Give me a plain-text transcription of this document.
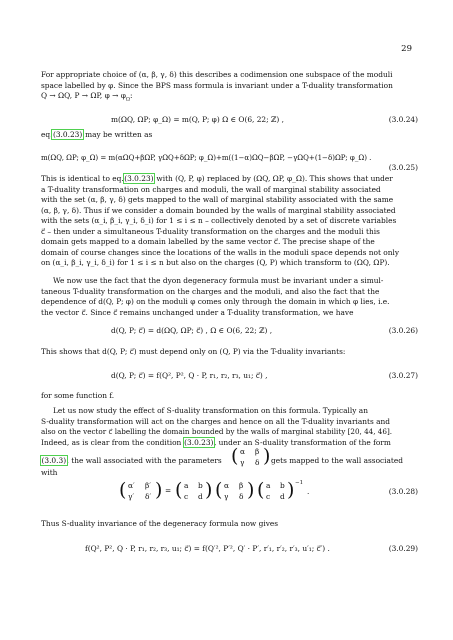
29
For appropriate choice of (α, β, γ, δ) this describes a codimension one subspace of the moduli
space labelled by φ. Since the BPS mass formula is invariant under a T-duality transformation
Q → ΩQ, P → ΩP, $\varphi \to \varphi_\Omega$:
m(ΩQ, ΩP; φ_Ω) = m(Q, P; φ) Ω ∈ O(6, 22; ℤ) ,	(3.0.24)
eq.(3.0.23) may be written as
m(ΩQ, ΩP; φ_Ω) = m(αΩQ+βΩP, γΩQ+δΩP; φ_Ω)+m((1−α)ΩQ−βΩP, −γΩQ+(1−δ)ΩP; φ_Ω) .
(3.0.25)
This is identical to eq.(3.0.23) with (Q, P, φ) replaced by (ΩQ, ΩP, φ_Ω). This shows that under
a T-duality transformation on charges and moduli, the wall of marginal stability associated
with the set (α, β, γ, δ) gets mapped to the wall of marginal stability associated with the same
(α, β, γ, δ). Thus if we consider a domain bounded by the walls of marginal stability associated
with the sets (α_i, β_i, γ_i, δ_i) for 1 ≤ i ≤ n – collectively denoted by a set of discrete variables
c⃗ – then under a simultaneous T-duality transformation on the charges and the moduli this
domain gets mapped to a domain labelled by the same vector c⃗. The precise shape of the
domain of course changes since the locations of the walls in the moduli space depends not only
on (α_i, β_i, γ_i, δ_i) for 1 ≤ i ≤ n but also on the charges (Q, P) which transform to (ΩQ, ΩP).
We now use the fact that the dyon degeneracy formula must be invariant under a simul-
taneous T-duality transformation on the charges and the moduli, and also the fact that the
dependence of d(Q, P; φ) on the moduli φ comes only through the domain in which φ lies, i.e.
the vector c⃗. Since c⃗ remains unchanged under a T-duality transformation, we have
d(Q, P; c⃗) = d(ΩQ, ΩP; c⃗) , Ω ∈ O(6, 22; ℤ) ,	(3.0.26)
This shows that d(Q, P; c⃗) must depend only on (Q, P) via the T-duality invariants:
d(Q, P; c⃗) = f(Q², P², Q · P, r₁, r₂, r₃, u₁; c⃗) ,	(3.0.27)
for some function f.
Let us now study the effect of S-duality transformation on this formula. Typically an
S-duality transformation will act on the charges and hence on all the T-duality invariants and
also on the vector c⃗ labelling the domain bounded by the walls of marginal stability [20, 44, 46].
Indeed, as is clear from the condition (3.0.23), under an S-duality transformation of the form
(3.0.3), the wall associated with the parameters ( α β
γ δ ) gets mapped to the wall associated
with
( α′ β′
γ′ δ′ ) = ( a b
c d ) ( α β
γ δ ) ( a b
c d ) −1
.	(3.0.28)
Thus S-duality invariance of the degeneracy formula now gives
f(Q², P², Q · P, r₁, r₂, r₃, u₁; c⃗) = f(Q′², P′², Q′ · P′, r′₁, r′₂, r′₃, u′₁; c⃗′) .	(3.0.29)
